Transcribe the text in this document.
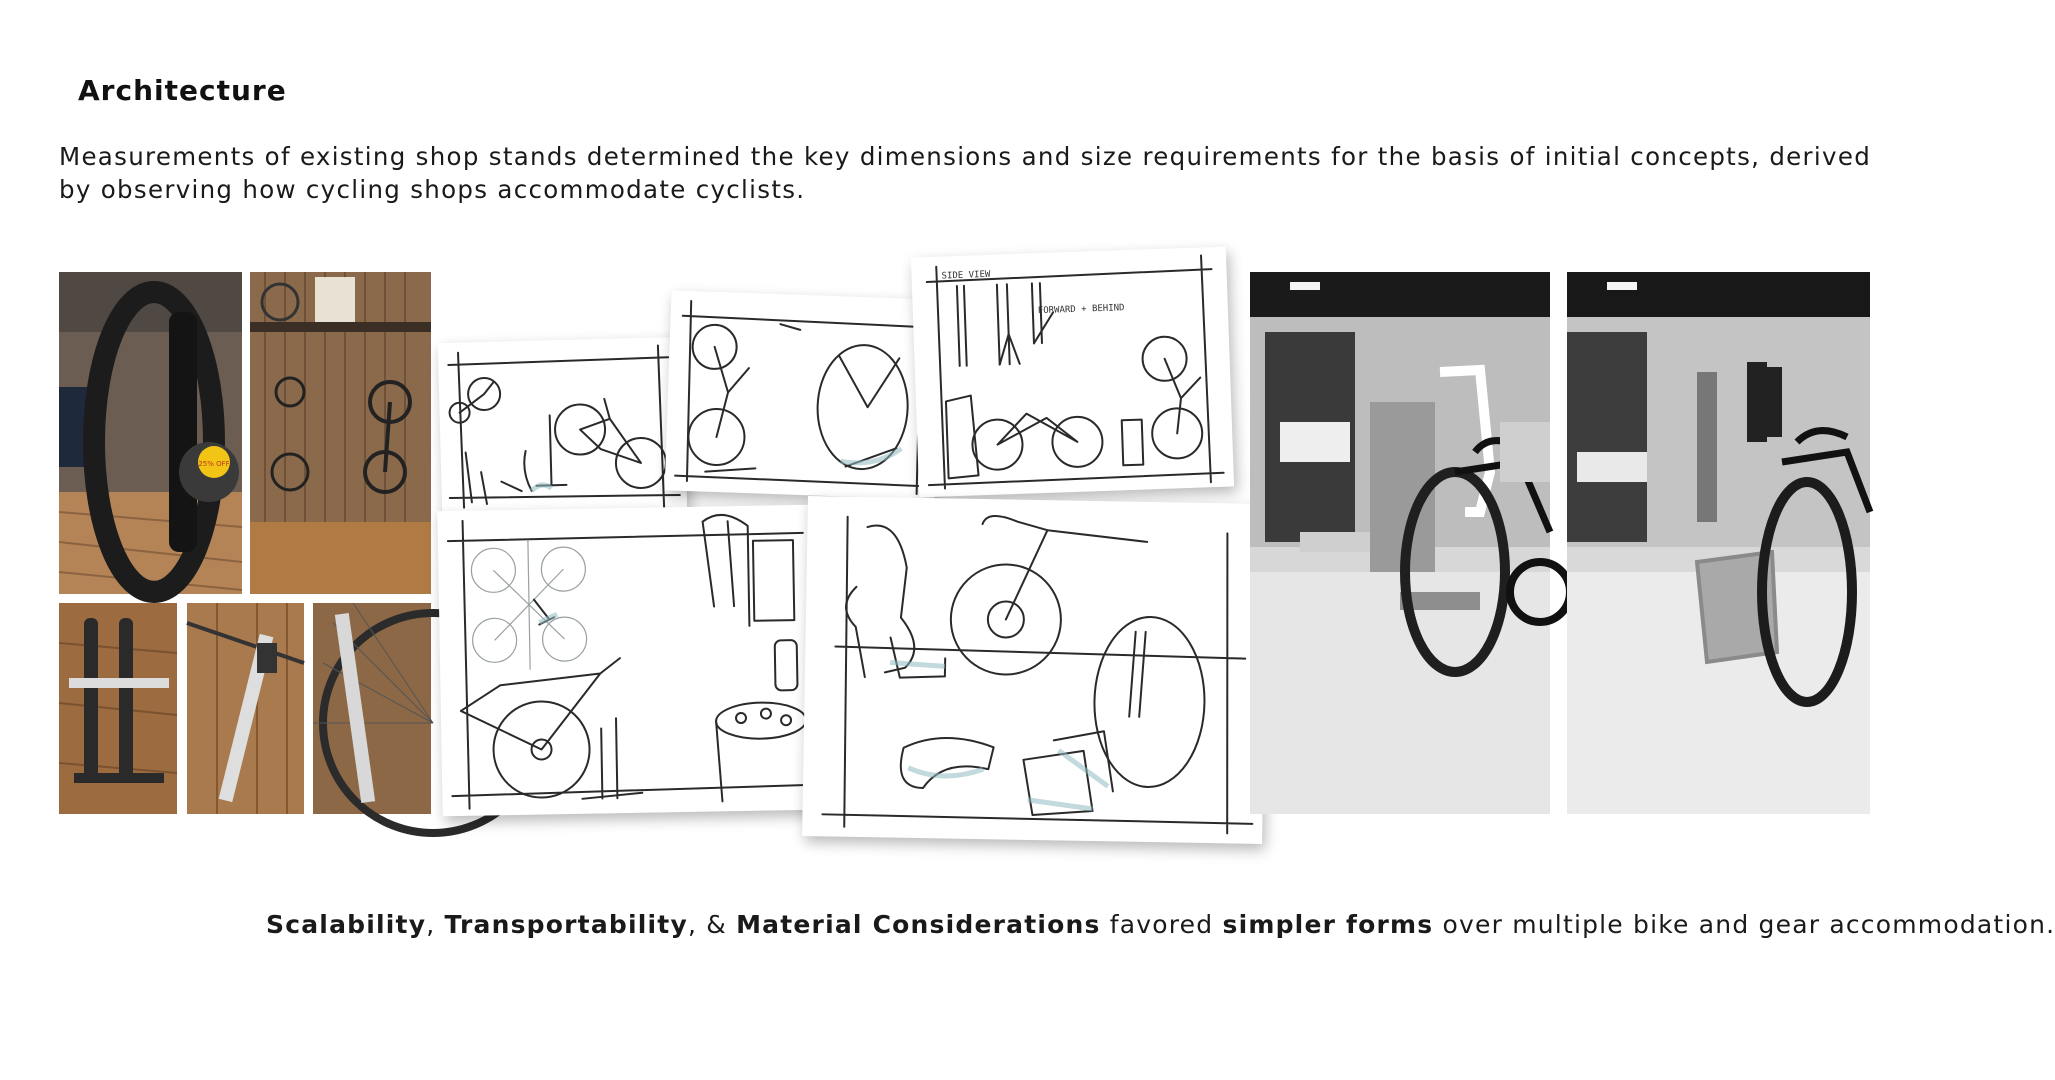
Architecture
Measurements of existing shop stands determined the key dimensions and size requirements for the basis of initial concepts, derived by observing how cycling shops accommodate cyclists.
25% OFF
SIDE VIEW
FORWARD + BEHIND
Scalability, Transportability, & Material Considerations favored simpler forms over multiple bike and gear accommodation.
